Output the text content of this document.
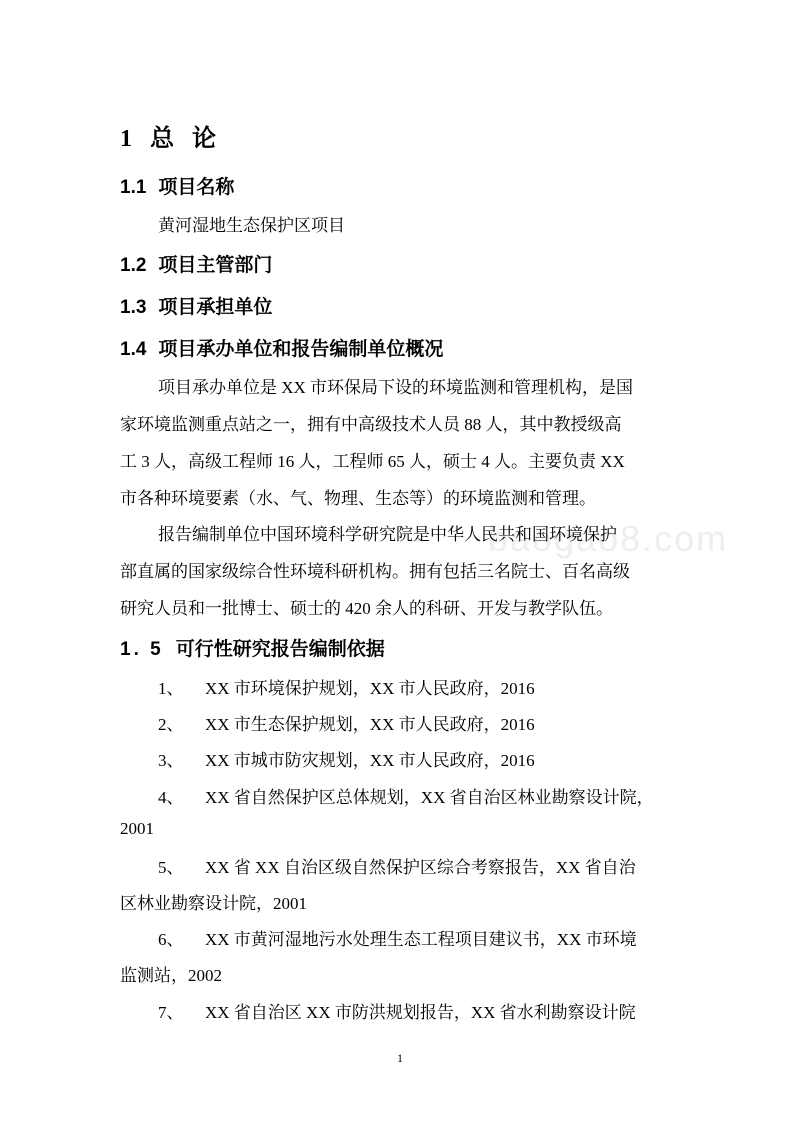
baogao8.com
1 总 论
1.1 项目名称
黄河湿地生态保护区项目
1.2 项目主管部门
1.3 项目承担单位
1.4 项目承办单位和报告编制单位概况
项目承办单位是 XX 市环保局下设的环境监测和管理机构，是国
家环境监测重点站之一，拥有中高级技术人员 88 人，其中教授级高
工 3 人，高级工程师 16 人，工程师 65 人，硕士 4 人。主要负责 XX
市各种环境要素（水、气、物理、生态等）的环境监测和管理。
报告编制单位中国环境科学研究院是中华人民共和国环境保护
部直属的国家级综合性环境科研机构。拥有包括三名院士、百名高级
研究人员和一批博士、硕士的 420 余人的科研、开发与教学队伍。
1. 5 可行性研究报告编制依据
1、 XX 市环境保护规划，XX 市人民政府，2016
2、 XX 市生态保护规划，XX 市人民政府，2016
3、 XX 市城市防灾规划，XX 市人民政府，2016
4、 XX 省自然保护区总体规划，XX 省自治区林业勘察设计院，
2001
5、 XX 省 XX 自治区级自然保护区综合考察报告，XX 省自治
区林业勘察设计院，2001
6、 XX 市黄河湿地污水处理生态工程项目建议书，XX 市环境
监测站，2002
7、 XX 省自治区 XX 市防洪规划报告，XX 省水利勘察设计院
1
